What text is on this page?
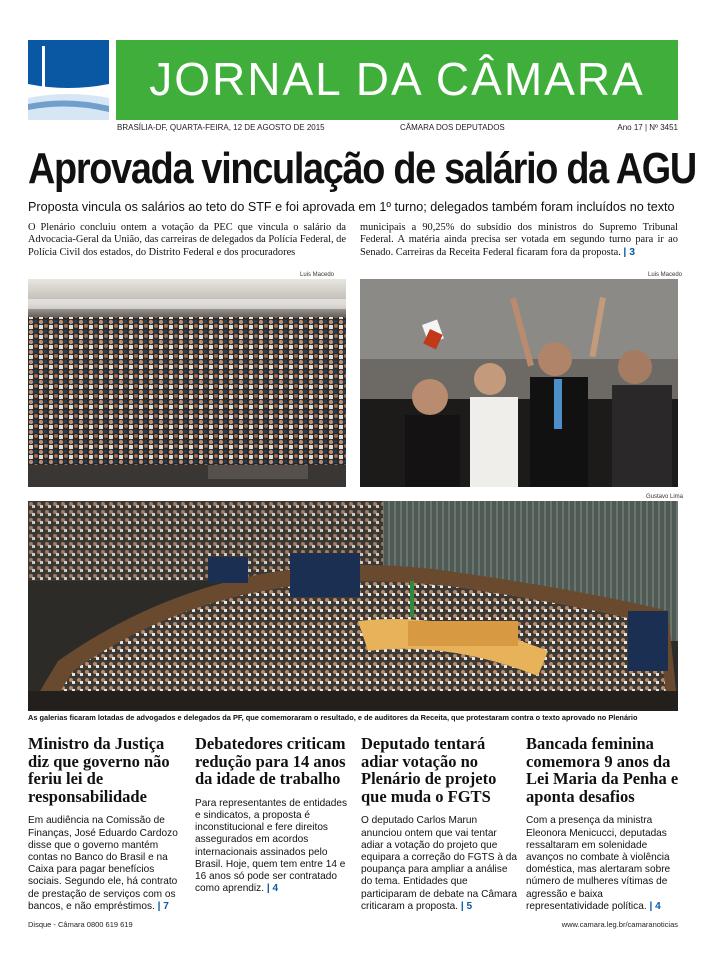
JORNAL DA CÂMARA
BRASÍLIA-DF, QUARTA-FEIRA, 12 DE AGOSTO DE 2015	CÂMARA DOS DEPUTADOS	Ano 17 | Nº 3451
Aprovada vinculação de salário da AGU
Proposta vincula os salários ao teto do STF e foi aprovada em 1º turno; delegados também foram incluídos no texto
O Plenário concluiu ontem a votação da PEC que vincula o salário da Advocacia-Geral da União, das carreiras de delegados da Polícia Federal, de Polícia Civil dos estados, do Distrito Federal e dos procuradores
municipais a 90,25% do subsídio dos ministros do Supremo Tribunal Federal. A matéria ainda precisa ser votada em segundo turno para ir ao Senado. Carreiras da Receita Federal ficaram fora da proposta. | 3
Luis Macedo	Luis Macedo
Gustavo Lima
As galerias ficaram lotadas de advogados e delegados da PF, que comemoraram o resultado, e de auditores da Receita, que protestaram contra o texto aprovado no Plenário
Ministro da Justiça diz que governo não feriu lei de responsabilidade

Em audiência na Comissão de Finanças, José Eduardo Cardozo disse que o governo mantém contas no Banco do Brasil e na Caixa para pagar benefícios sociais. Segundo ele, há contrato de prestação de serviços com os bancos, e não empréstimos. | 7

Debatedores criticam redução para 14 anos da idade de trabalho

Para representantes de entidades e sindicatos, a proposta é inconstitucional e fere direitos assegurados em acordos internacionais assinados pelo Brasil. Hoje, quem tem entre 14 e 16 anos só pode ser contratado como aprendiz. | 4

Deputado tentará adiar votação no Plenário de projeto que muda o FGTS

O deputado Carlos Marun anunciou ontem que vai tentar adiar a votação do projeto que equipara a correção do FGTS à da poupança para ampliar a análise do tema. Entidades que participaram de debate na Câmara criticaram a proposta. | 5

Bancada feminina comemora 9 anos da Lei Maria da Penha e aponta desafios

Com a presença da ministra Eleonora Menicucci, deputadas ressaltaram em solenidade avanços no combate à violência doméstica, mas alertaram sobre número de mulheres vítimas de agressão e baixa representatividade política. | 4

Disque - Câmara 0800 619 619	www.camara.leg.br/camaranoticias
